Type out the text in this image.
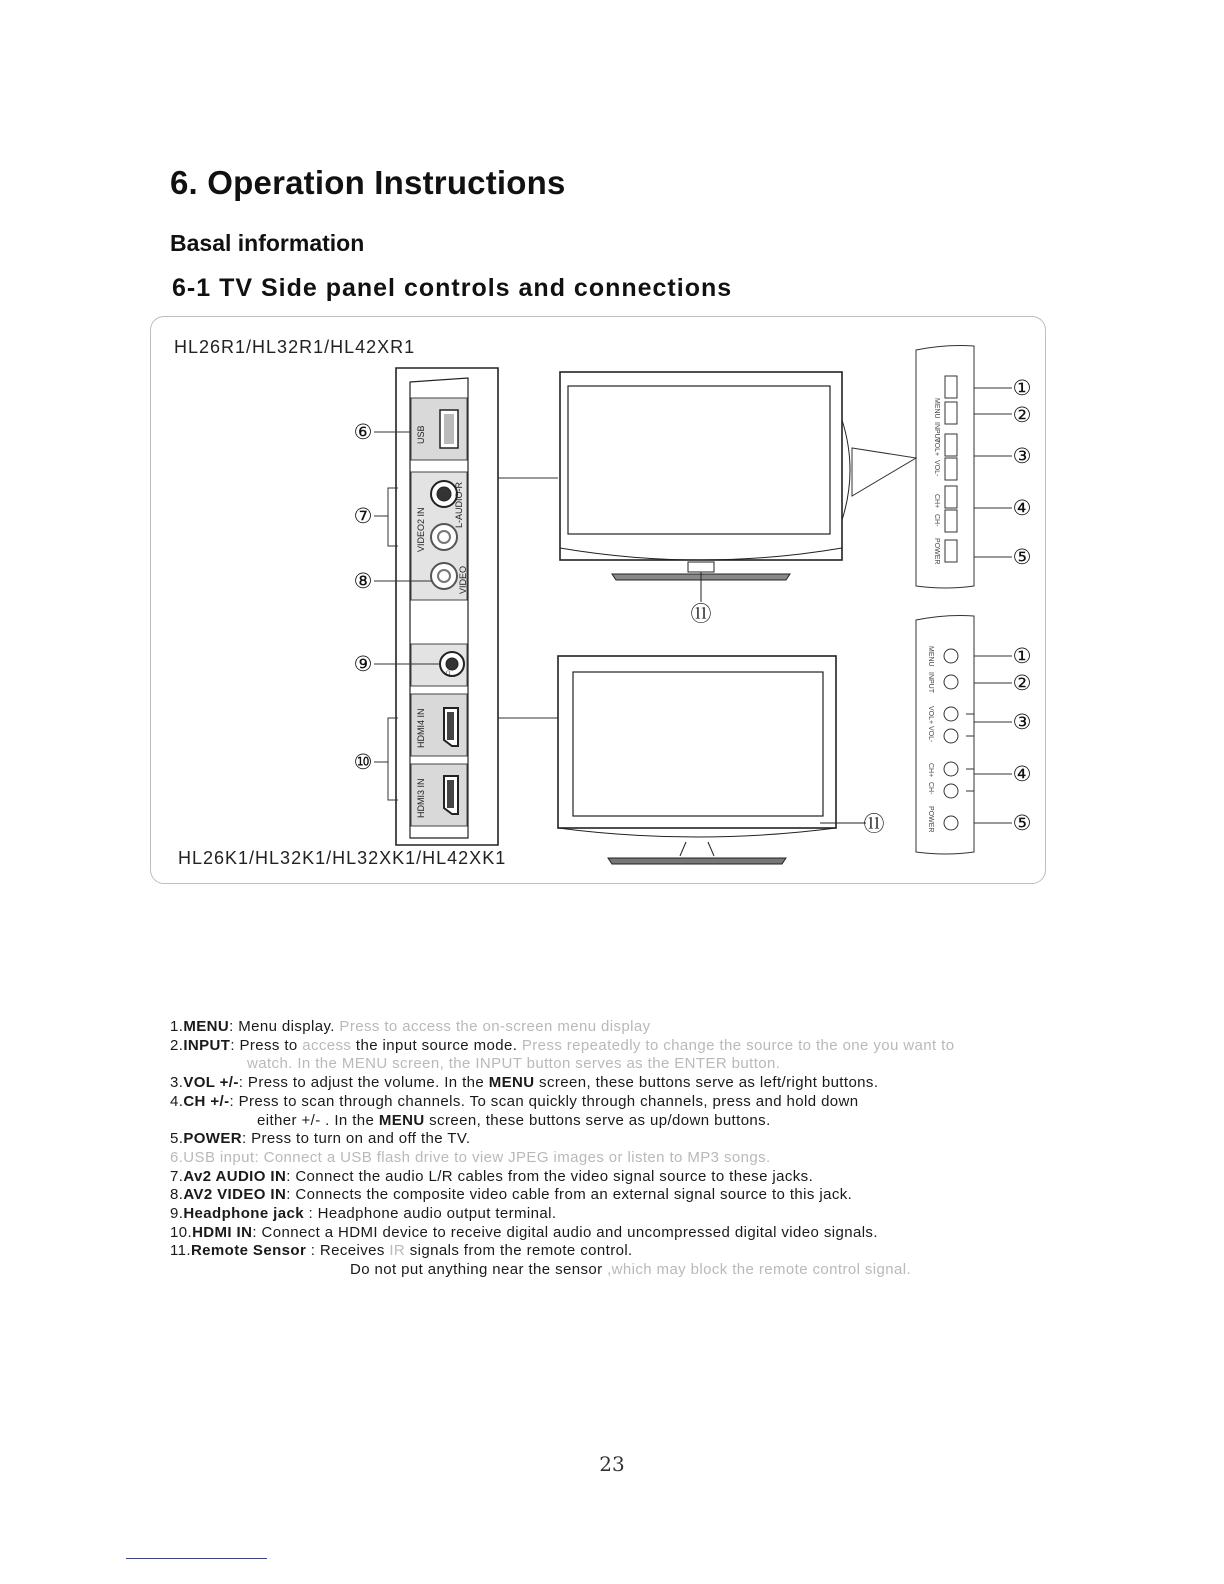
6. Operation Instructions
Basal information
6-1 TV Side panel controls and connections
HL26R1/HL32R1/HL42XR1
HL26K1/HL32K1/HL32XK1/HL42XK1
USB
VIDEO2 IN
L-AUDIO-R
VIDEO
HDMI4 IN
HDMI3 IN
∩
⑥
⑦
⑧
⑨
⑩
⑪
⑪
MENU
INPUT
VOL+
VOL-
CH+
CH-
POWER
①
②
③
④
⑤
MENU
INPUT
VOL+
VOL-
CH+
CH-
POWER
①
②
③
④
⑤

1.MENU: Menu display. Press to access the on-screen menu display

2.INPUT: Press to access the input source mode. Press repeatedly to change the source to the one you want to

watch. In the MENU screen, the INPUT button serves as the ENTER button.

3.VOL +/-: Press to adjust the volume. In the MENU screen, these buttons serve as left/right buttons.

4.CH +/-: Press to scan through channels. To scan quickly through channels, press and hold down

either +/- . In the MENU screen, these buttons serve as up/down buttons.

5.POWER: Press to turn on and off the TV.

6.USB input: Connect a USB flash drive to view JPEG images or listen to MP3 songs.

7.Av2 AUDIO IN: Connect the audio L/R cables from the video signal source to these jacks.

8.AV2 VIDEO IN: Connects the composite video cable from an external signal source to this jack.

9.Headphone jack : Headphone audio output terminal.

10.HDMI IN: Connect a HDMI device to receive digital audio and uncompressed digital video signals.

11.Remote Sensor : Receives IR signals from the remote control.

Do not put anything near the sensor ,which may block the remote control signal.

23
